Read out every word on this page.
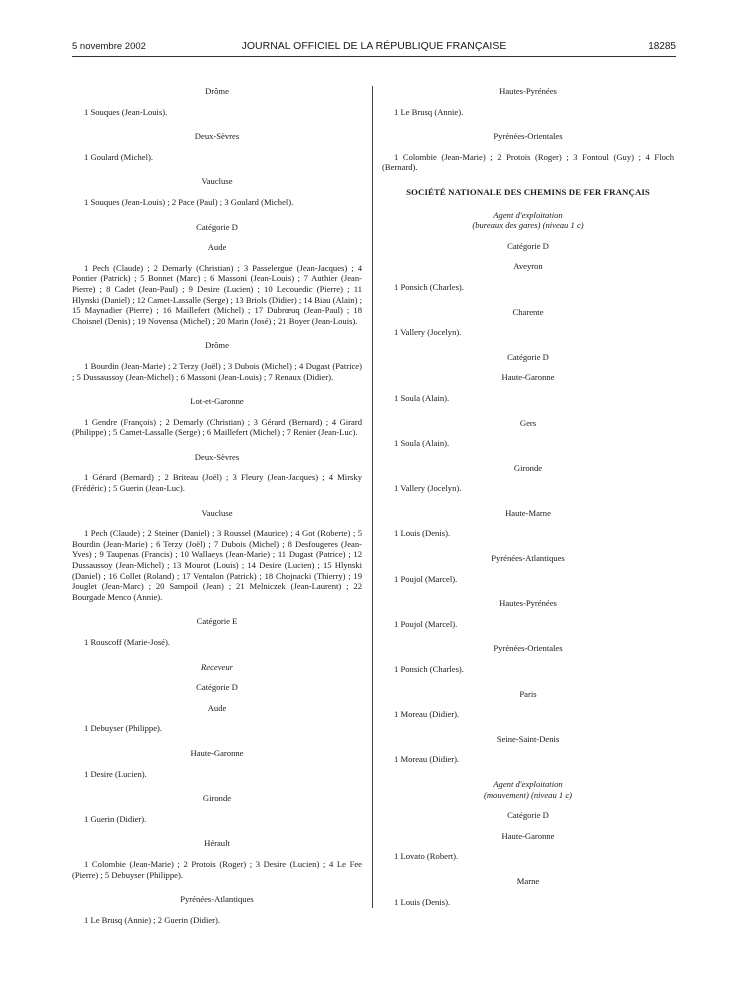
5 novembre 2002	JOURNAL OFFICIEL DE LA RÉPUBLIQUE FRANÇAISE	18285
Drôme
1 Souques (Jean-Louis).
Deux-Sèvres
1 Goulard (Michel).
Vaucluse
1 Souques (Jean-Louis) ; 2 Pace (Paul) ; 3 Goulard (Michel).
Catégorie D
Aude
1 Pech (Claude) ; 2 Demarly (Christian) ; 3 Passelergue (Jean-Jacques) ; 4 Pontier (Patrick) ; 5 Bonnet (Marc) ; 6 Massoni (Jean-Louis) ; 7 Authier (Jean-Pierre) ; 8 Cadet (Jean-Paul) ; 9 Desire (Lucien) ; 10 Lecouedic (Pierre) ; 11 Hlynski (Daniel) ; 12 Camet-Lassalle (Serge) ; 13 Briols (Didier) ; 14 Biau (Alain) ; 15 Maynadier (Pierre) ; 16 Maillefert (Michel) ; 17 Dubrœuq (Jean-Paul) ; 18 Choisnel (Denis) ; 19 Novensa (Michel) ; 20 Marin (José) ; 21 Boyer (Jean-Louis).
Drôme
1 Bourdin (Jean-Marie) ; 2 Terzy (Joël) ; 3 Dubois (Michel) ; 4 Dugast (Patrice) ; 5 Dussaussoy (Jean-Michel) ; 6 Massoni (Jean-Louis) ; 7 Renaux (Didier).
Lot-et-Garonne
1 Gendre (François) ; 2 Demarly (Christian) ; 3 Gérard (Bernard) ; 4 Girard (Philippe) ; 5 Camet-Lassalle (Serge) ; 6 Maillefert (Michel) ; 7 Renier (Jean-Luc).
Deux-Sèvres
1 Gérard (Bernard) ; 2 Briteau (Joël) ; 3 Fleury (Jean-Jacques) ; 4 Mirsky (Frédéric) ; 5 Guerin (Jean-Luc).
Vaucluse
1 Pech (Claude) ; 2 Steiner (Daniel) ; 3 Roussel (Maurice) ; 4 Got (Roberte) ; 5 Bourdin (Jean-Marie) ; 6 Terzy (Joël) ; 7 Dubois (Michel) ; 8 Desfougeres (Jean-Yves) ; 9 Taupenas (Francis) ; 10 Wallaeys (Jean-Marie) ; 11 Dugast (Patrice) ; 12 Dussaussoy (Jean-Michel) ; 13 Mourot (Louis) ; 14 Desire (Lucien) ; 15 Hlynski (Daniel) ; 16 Collet (Roland) ; 17 Ventalon (Patrick) ; 18 Chojnacki (Thierry) ; 19 Jouglet (Jean-Marc) ; 20 Sampoil (Jean) ; 21 Melniczek (Jean-Laurent) ; 22 Bourgade Menco (Annie).
Catégorie E
1 Rouscoff (Marie-José).
Receveur
Catégorie D
Aude
1 Debuyser (Philippe).
Haute-Garonne
1 Desire (Lucien).
Gironde
1 Guerin (Didier).
Hérault
1 Colombie (Jean-Marie) ; 2 Protois (Roger) ; 3 Desire (Lucien) ; 4 Le Fee (Pierre) ; 5 Debuyser (Philippe).
Pyrénées-Atlantiques
1 Le Brusq (Annie) ; 2 Guerin (Didier).
Hautes-Pyrénées
1 Le Brusq (Annie).
Pyrénées-Orientales
1 Colombie (Jean-Marie) ; 2 Protois (Roger) ; 3 Fontoul (Guy) ; 4 Floch (Bernard).
SOCIÉTÉ NATIONALE DES CHEMINS DE FER FRANÇAIS
Agent d'exploitation
(bureaux des gares) (niveau 1 c)
Catégorie D
Aveyron
1 Ponsich (Charles).
Charente
1 Vallery (Jocelyn).
Catégorie D
Haute-Garonne
1 Soula (Alain).
Gers
1 Soula (Alain).
Gironde
1 Vallery (Jocelyn).
Haute-Marne
1 Louis (Denis).
Pyrénées-Atlantiques
1 Poujol (Marcel).
Hautes-Pyrénées
1 Poujol (Marcel).
Pyrénées-Orientales
1 Ponsich (Charles).
Paris
1 Moreau (Didier).
Seine-Saint-Denis
1 Moreau (Didier).
Agent d'exploitation
(mouvement) (niveau 1 c)
Catégorie D
Haute-Garonne
1 Lovato (Robert).
Marne
1 Louis (Denis).
